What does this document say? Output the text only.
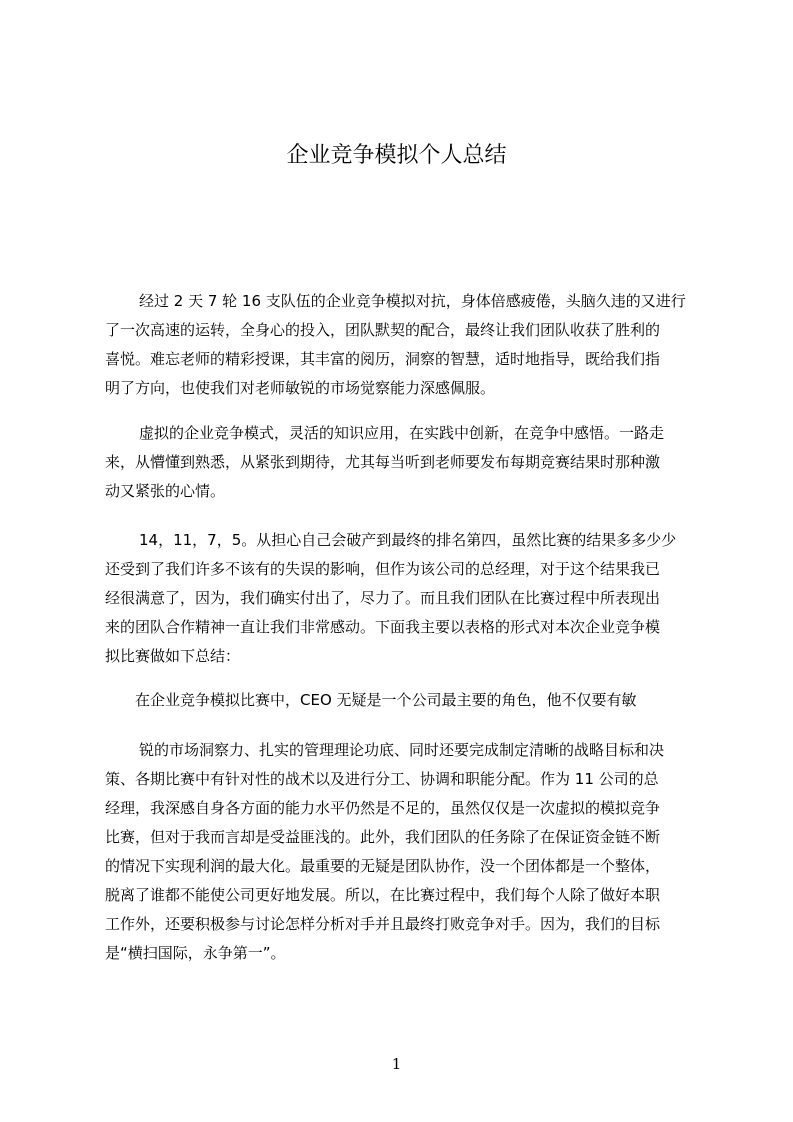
企业竞争模拟个人总结
经过 2 天 7 轮 16 支队伍的企业竞争模拟对抗，身体倍感疲倦，头脑久违的又进行
了一次高速的运转，全身心的投入，团队默契的配合，最终让我们团队收获了胜利的
喜悦。难忘老师的精彩授课，其丰富的阅历，洞察的智慧，适时地指导，既给我们指
明了方向，也使我们对老师敏锐的市场觉察能力深感佩服。
虚拟的企业竞争模式，灵活的知识应用，在实践中创新，在竞争中感悟。一路走
来，从懵懂到熟悉，从紧张到期待，尤其每当听到老师要发布每期竞赛结果时那种激
动又紧张的心情。
14，11，7，5。从担心自己会破产到最终的排名第四，虽然比赛的结果多多少少
还受到了我们许多不该有的失误的影响，但作为该公司的总经理，对于这个结果我已
经很满意了，因为，我们确实付出了，尽力了。而且我们团队在比赛过程中所表现出
来的团队合作精神一直让我们非常感动。下面我主要以表格的形式对本次企业竞争模
拟比赛做如下总结：
在企业竞争模拟比赛中，CEO 无疑是一个公司最主要的角色，他不仅要有敏
锐的市场洞察力、扎实的管理理论功底、同时还要完成制定清晰的战略目标和决
策、各期比赛中有针对性的战术以及进行分工、协调和职能分配。作为 11 公司的总
经理，我深感自身各方面的能力水平仍然是不足的，虽然仅仅是一次虚拟的模拟竞争
比赛，但对于我而言却是受益匪浅的。此外，我们团队的任务除了在保证资金链不断
的情况下实现利润的最大化。最重要的无疑是团队协作，没一个团体都是一个整体，
脱离了谁都不能使公司更好地发展。所以，在比赛过程中，我们每个人除了做好本职
工作外，还要积极参与讨论怎样分析对手并且最终打败竞争对手。因为，我们的目标
是“横扫国际，永争第一”。
1
